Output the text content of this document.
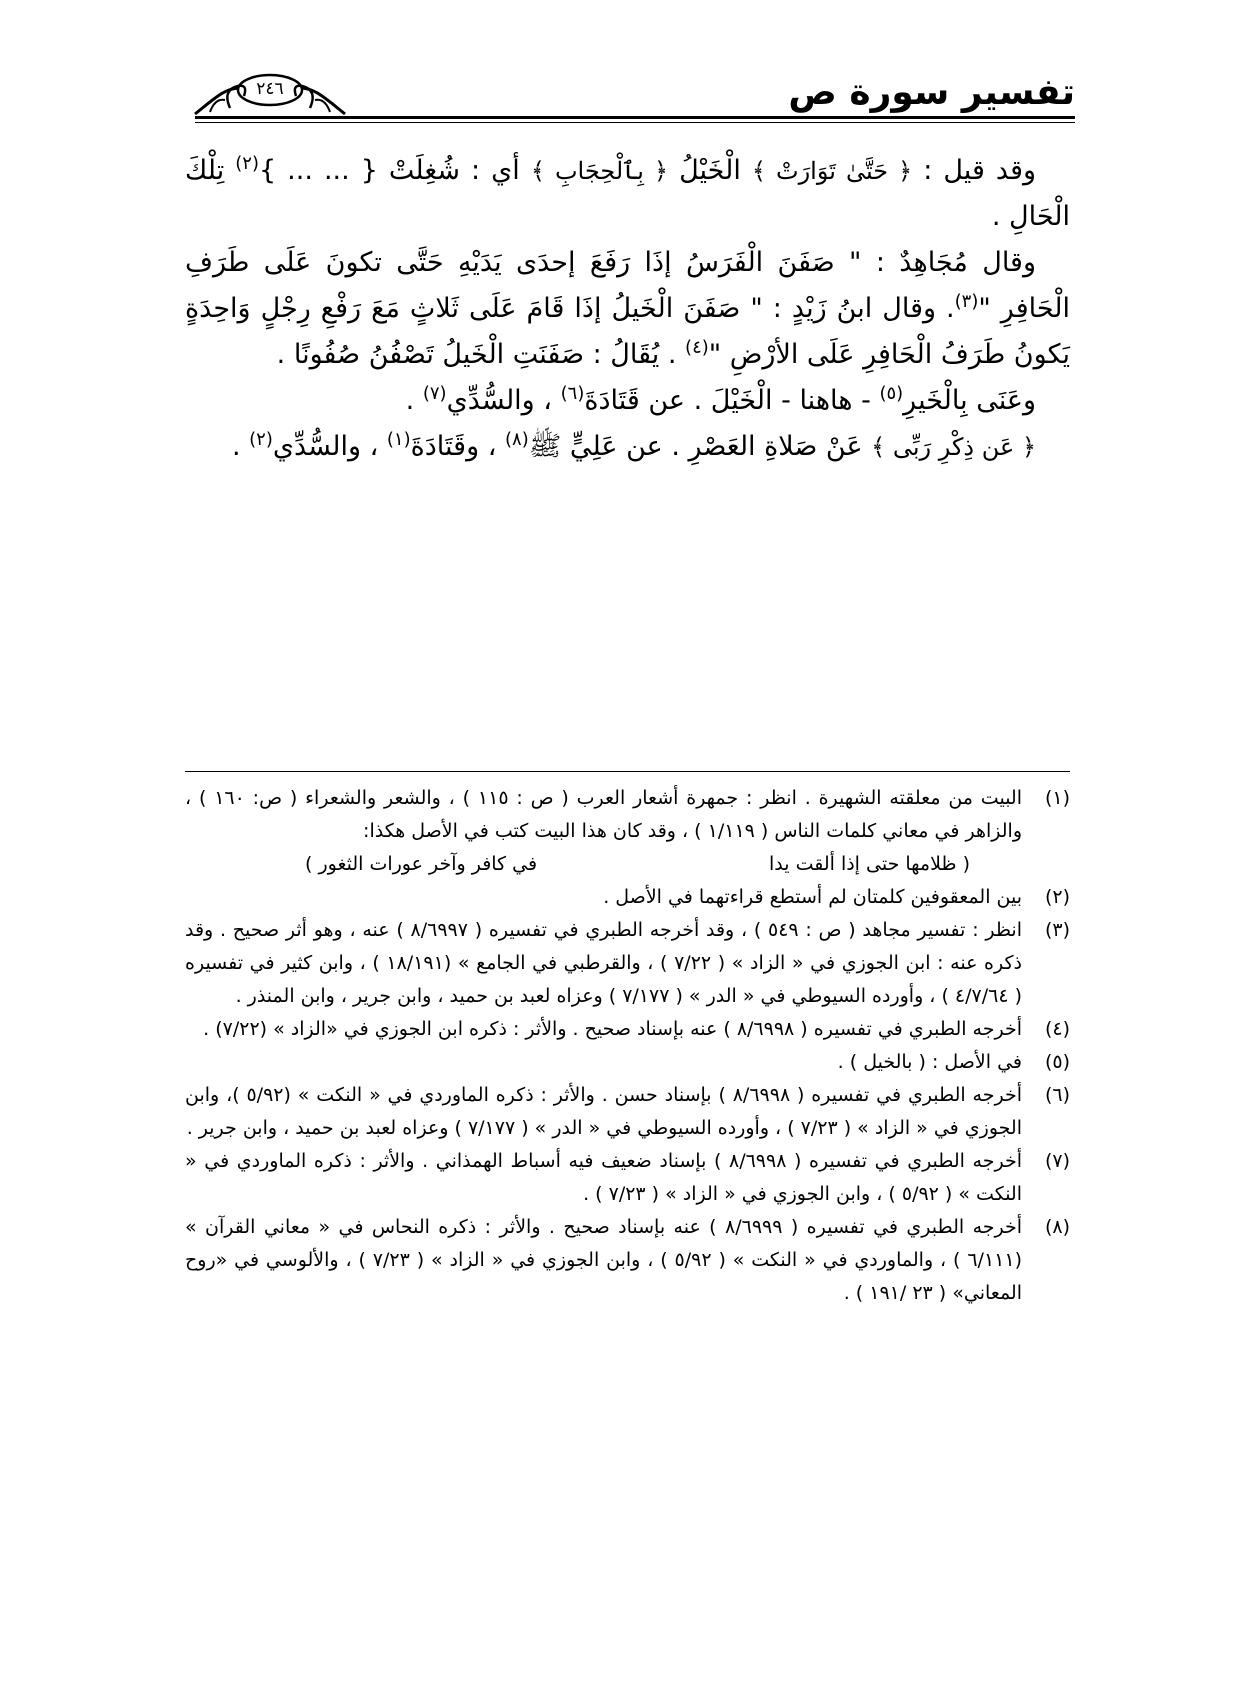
تفسير سورة ص
٢٤٦

وقد قيل : ﴿ حَتَّىٰ تَوَارَتْ ﴾ الْخَيْلُ ﴿ بِٱلْحِجَابِ ﴾ أي : شُغِلَتْ { ... ... }$^{(٢)}$ تِلْكَ الْحَالِ .

وقال مُجَاهِدٌ : " صَفَنَ الْفَرَسُ إذَا رَفَعَ إحدَى يَدَيْهِ حَتَّى تكونَ عَلَى طَرَفِ الْحَافِرِ "$^{(٣)}$. وقال ابنُ زَيْدٍ : " صَفَنَ الْخَيلُ إذَا قَامَ عَلَى ثَلاثٍ مَعَ رَفْعِ رِجْلٍ وَاحِدَةٍ يَكونُ طَرَفُ الْحَافِرِ عَلَى الأرْضِ "$^{(٤)}$ . يُقَالُ : صَفَنَتِ الْخَيلُ تَصْفُنُ صُفُونًا .

وعَنَى بِالْخَيرِ$^{(٥)}$ - هاهنا - الْخَيْلَ . عن قَتَادَةَ$^{(٦)}$ ، والسُّدِّي$^{(٧)}$ .

﴿ عَن ذِكْرِ رَبِّى ﴾ عَنْ صَلاةِ العَصْرِ . عن عَلِيٍّ ﷺ$^{(٨)}$ ، وقَتَادَةَ$^{(١)}$ ، والسُّدِّي$^{(٢)}$ .

(١)
البيت من معلقته الشهيرة . انظر : جمهرة أشعار العرب ( ص : ١١٥ ) ، والشعر والشعراء ( ص: ١٦٠ ) ، والزاهر في معاني كلمات الناس ( ١/١١٩ ) ، وقد كان هذا البيت كتب في الأصل هكذا:
( ظلامها حتى إذا ألقت يدا
في كافر وآخر عورات الثغور )
(٢)
بين المعقوفين كلمتان لم أستطع قراءتهما في الأصل .
(٣)
انظر : تفسير مجاهد ( ص : ٥٤٩ ) ، وقد أخرجه الطبري في تفسيره ( ٨/٦٩٩٧ ) عنه ، وهو أثر صحيح . وقد ذكره عنه : ابن الجوزي في « الزاد » ( ٧/٢٢ ) ، والقرطبي في الجامع » (١٨/١٩١ ) ، وابن كثير في تفسيره ( ٤/٧/٦٤ ) ، وأورده السيوطي في « الدر » ( ٧/١٧٧ ) وعزاه لعبد بن حميد ، وابن جرير ، وابن المنذر .
(٤)
أخرجه الطبري في تفسيره ( ٨/٦٩٩٨ ) عنه بإسناد صحيح . والأثر : ذكره ابن الجوزي في «الزاد » (٧/٢٢) .
(٥)
في الأصل : ( بالخيل ) .
(٦)
أخرجه الطبري في تفسيره ( ٨/٦٩٩٨ ) بإسناد حسن . والأثر : ذكره الماوردي في « النكت » (٥/٩٢ )، وابن الجوزي في « الزاد » ( ٧/٢٣ ) ، وأورده السيوطي في « الدر » ( ٧/١٧٧ ) وعزاه لعبد بن حميد ، وابن جرير .
(٧)
أخرجه الطبري في تفسيره ( ٨/٦٩٩٨ ) بإسناد ضعيف فيه أسباط الهمذاني . والأثر : ذكره الماوردي في « النكت » ( ٥/٩٢ ) ، وابن الجوزي في « الزاد » ( ٧/٢٣ ) .
(٨)
أخرجه الطبري في تفسيره ( ٨/٦٩٩٩ ) عنه بإسناد صحيح . والأثر : ذكره النحاس في « معاني القرآن » (٦/١١١ ) ، والماوردي في « النكت » ( ٥/٩٢ ) ، وابن الجوزي في « الزاد » ( ٧/٢٣ ) ، والألوسي في «روح المعاني» ( ٢٣ /١٩١ ) .
